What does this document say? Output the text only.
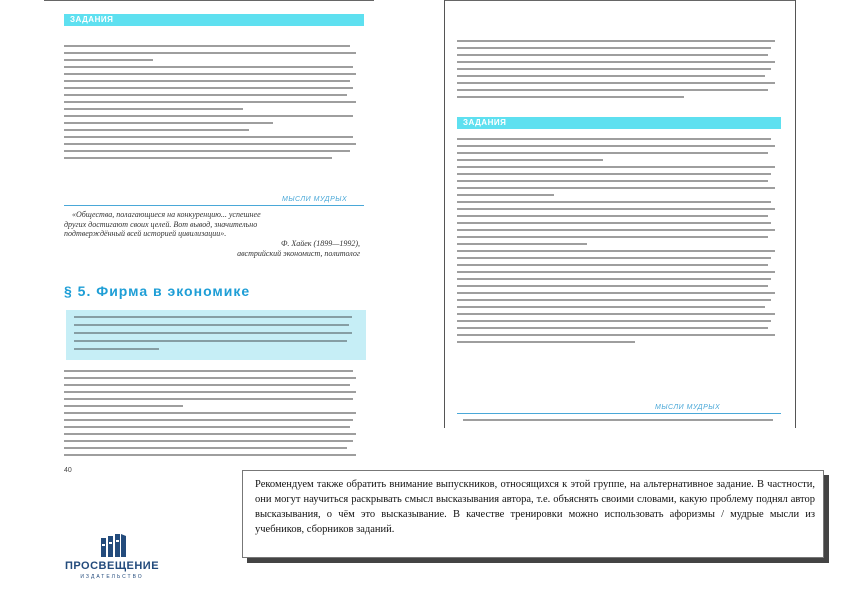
ЗАДАНИЯ
МЫСЛИ МУДРЫХ
«Общества, полагающиеся на конкуренцию... успешнее
других достигают своих целей. Вот вывод, значительно
подтверждённый всей историей цивилизации».
Ф. Хайек (1899—1992),
австрийский экономист, политолог
§ 5. Фирма в экономике
40
ЗАДАНИЯ
МЫСЛИ МУДРЫХ
Рекомендуем также обратить внимание выпускников, относящихся к этой группе, на альтернативное задание. В частности, они могут научиться раскрывать смысл высказывания автора, т.е. объяснять своими словами, какую проблему поднял автор высказывания, о чём это высказывание. В качестве тренировки можно использовать афоризмы / мудрые мысли из учебников, сборников заданий.
ПРОСВЕЩЕНИЕ
ИЗДАТЕЛЬСТВО
